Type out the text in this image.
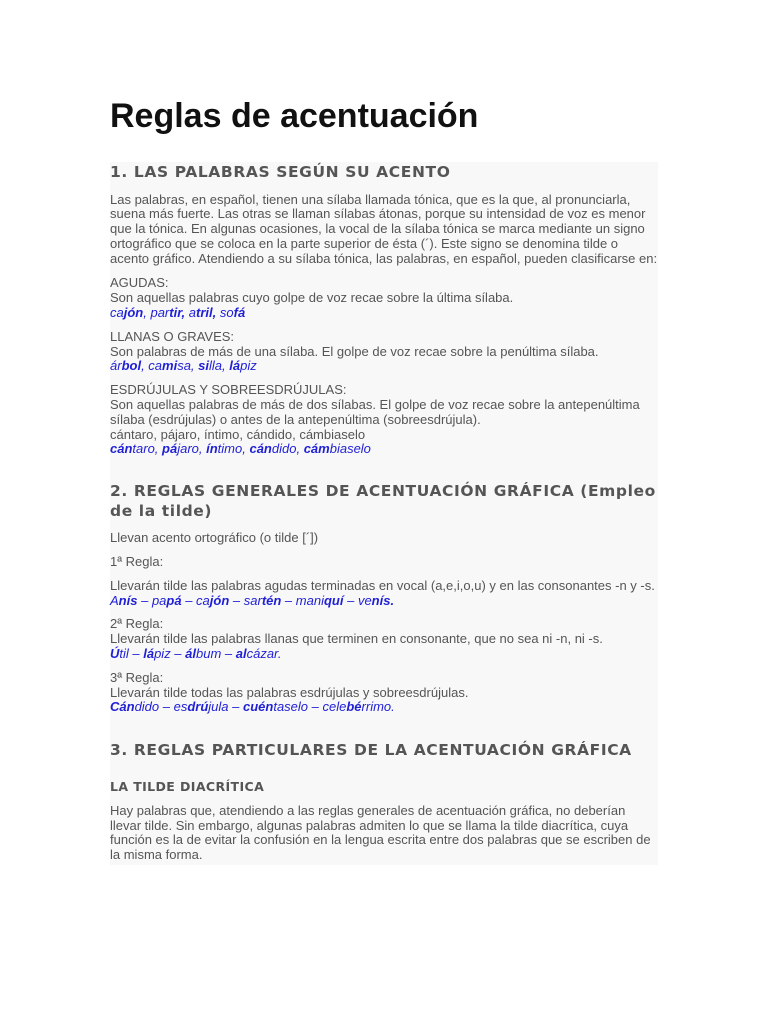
Reglas de acentuación
1. LAS PALABRAS SEGÚN SU ACENTO

Las palabras, en español, tienen una sílaba llamada tónica, que es la que, al pronunciarla, suena más fuerte. Las otras se llaman sílabas átonas, porque su intensidad de voz es menor que la tónica. En algunas ocasiones, la vocal de la sílaba tónica se marca mediante un signo ortográfico que se coloca en la parte superior de ésta (´). Este signo se denomina tilde o acento gráfico. Atendiendo a su sílaba tónica, las palabras, en español, pueden clasificarse en:

AGUDAS:

Son aquellas palabras cuyo golpe de voz recae sobre la última sílaba.

cajón, partir, atril, sofá

LLANAS O GRAVES:

Son palabras de más de una sílaba. El golpe de voz recae sobre la penúltima sílaba.

árbol, camisa, silla, lápiz

ESDRÚJULAS Y SOBREESDRÚJULAS:

Son aquellas palabras de más de dos sílabas. El golpe de voz recae sobre la antepenúltima sílaba (esdrújulas) o antes de la antepenúltima (sobreesdrújula).

cántaro, pájaro, íntimo, cándido, cámbiaselo

cántaro, pájaro, íntimo, cándido, cámbiaselo

2. REGLAS GENERALES DE ACENTUACIÓN GRÁFICA (Empleo de la tilde)

Llevan acento ortográfico (o tilde [´])

1ª Regla:

Llevarán tilde las palabras agudas terminadas en vocal (a,e,i,o,u) y en las consonantes -n y -s.

Anís – papá – cajón – sartén – maniquí – venís.

2ª Regla:

Llevarán tilde las palabras llanas que terminen en consonante, que no sea ni -n, ni -s.

Útil – lápiz – álbum – alcázar.

3ª Regla:

Llevarán tilde todas las palabras esdrújulas y sobreesdrújulas.

Cándido – esdrújula – cuéntaselo – celebérrimo.

3. REGLAS PARTICULARES DE LA ACENTUACIÓN GRÁFICA
LA TILDE DIACRÍTICA

Hay palabras que, atendiendo a las reglas generales de acentuación gráfica, no deberían llevar tilde. Sin embargo, algunas palabras admiten lo que se llama la tilde diacrítica, cuya función es la de evitar la confusión en la lengua escrita entre dos palabras que se escriben de la misma forma.
